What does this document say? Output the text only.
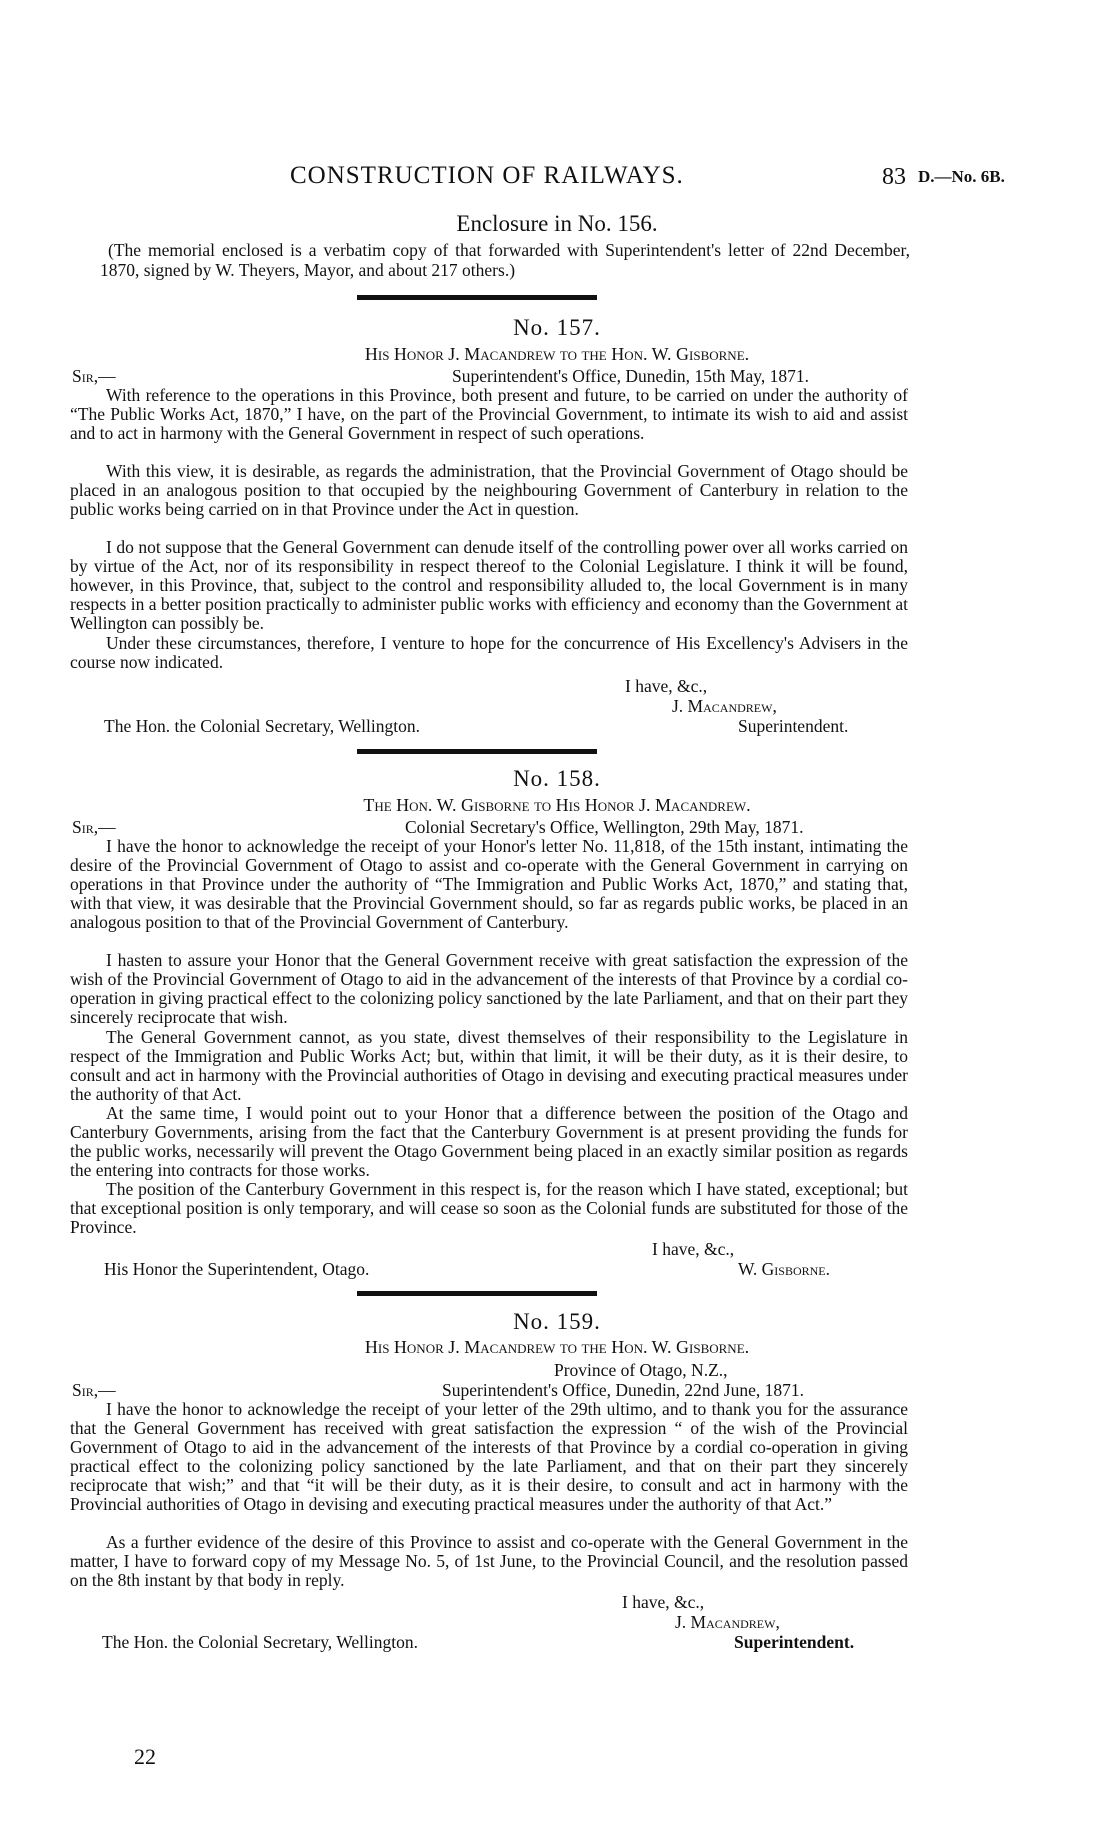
CONSTRUCTION OF RAILWAYS.	83 D.—No. 6B.
Enclosure in No. 156.
(The memorial enclosed is a verbatim copy of that forwarded with Superintendent's letter of 22nd December, 1870, signed by W. Theyers, Mayor, and about 217 others.)
No. 157.
His Honor J. Macandrew to the Hon. W. Gisborne.
Sir,—	Superintendent's Office, Dunedin, 15th May, 1871.

With reference to the operations in this Province, both present and future, to be carried on under the authority of “The Public Works Act, 1870,” I have, on the part of the Provincial Government, to intimate its wish to aid and assist and to act in harmony with the General Government in respect of such operations.

With this view, it is desirable, as regards the administration, that the Provincial Government of Otago should be placed in an analogous position to that occupied by the neighbouring Government of Canterbury in relation to the public works being carried on in that Province under the Act in question.

I do not suppose that the General Government can denude itself of the controlling power over all works carried on by virtue of the Act, nor of its responsibility in respect thereof to the Colonial Legislature. I think it will be found, however, in this Province, that, subject to the control and responsibility alluded to, the local Government is in many respects in a better position practically to administer public works with efficiency and economy than the Government at Wellington can possibly be.

Under these circumstances, therefore, I venture to hope for the concurrence of His Excellency's Advisers in the course now indicated.

I have, &c.,
J. Macandrew,
The Hon. the Colonial Secretary, Wellington.	Superintendent.
No. 158.
The Hon. W. Gisborne to His Honor J. Macandrew.
Sir,—	Colonial Secretary's Office, Wellington, 29th May, 1871.

I have the honor to acknowledge the receipt of your Honor's letter No. 11,818, of the 15th instant, intimating the desire of the Provincial Government of Otago to assist and co-operate with the General Government in carrying on operations in that Province under the authority of “The Immigration and Public Works Act, 1870,” and stating that, with that view, it was desirable that the Provincial Government should, so far as regards public works, be placed in an analogous position to that of the Provincial Government of Canterbury.

I hasten to assure your Honor that the General Government receive with great satisfaction the expression of the wish of the Provincial Government of Otago to aid in the advancement of the interests of that Province by a cordial co-operation in giving practical effect to the colonizing policy sanctioned by the late Parliament, and that on their part they sincerely reciprocate that wish.

The General Government cannot, as you state, divest themselves of their responsibility to the Legislature in respect of the Immigration and Public Works Act; but, within that limit, it will be their duty, as it is their desire, to consult and act in harmony with the Provincial authorities of Otago in devising and executing practical measures under the authority of that Act.

At the same time, I would point out to your Honor that a difference between the position of the Otago and Canterbury Governments, arising from the fact that the Canterbury Government is at present providing the funds for the public works, necessarily will prevent the Otago Government being placed in an exactly similar position as regards the entering into contracts for those works.

The position of the Canterbury Government in this respect is, for the reason which I have stated, exceptional; but that exceptional position is only temporary, and will cease so soon as the Colonial funds are substituted for those of the Province.

I have, &c.,
His Honor the Superintendent, Otago.	W. Gisborne.
No. 159.
His Honor J. Macandrew to the Hon. W. Gisborne.
Province of Otago, N.Z.,
Sir,—	Superintendent's Office, Dunedin, 22nd June, 1871.

I have the honor to acknowledge the receipt of your letter of the 29th ultimo, and to thank you for the assurance that the General Government has received with great satisfaction the expression “ of the wish of the Provincial Government of Otago to aid in the advancement of the interests of that Province by a cordial co-operation in giving practical effect to the colonizing policy sanctioned by the late Parliament, and that on their part they sincerely reciprocate that wish;” and that “it will be their duty, as it is their desire, to consult and act in harmony with the Provincial authorities of Otago in devising and executing practical measures under the authority of that Act.”

As a further evidence of the desire of this Province to assist and co-operate with the General Government in the matter, I have to forward copy of my Message No. 5, of 1st June, to the Provincial Council, and the resolution passed on the 8th instant by that body in reply.

I have, &c.,
J. Macandrew,
The Hon. the Colonial Secretary, Wellington.	Superintendent.
22
